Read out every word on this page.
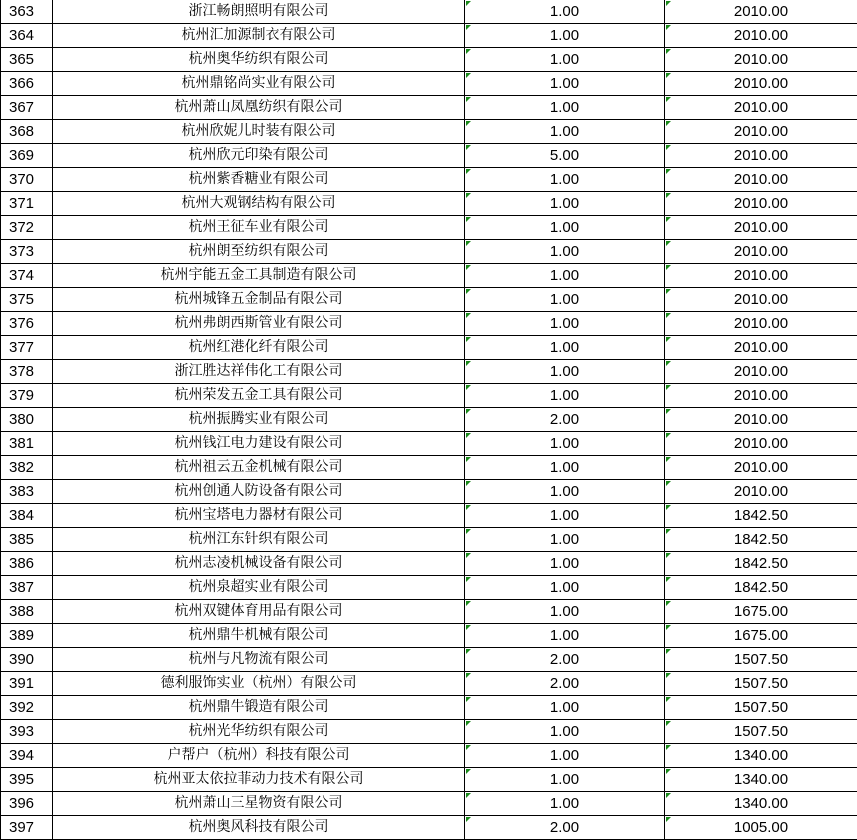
363	浙江畅朗照明有限公司	1.00	2010.00
364	杭州汇加源制衣有限公司	1.00	2010.00
365	杭州奥华纺织有限公司	1.00	2010.00
366	杭州鼎铭尚实业有限公司	1.00	2010.00
367	杭州萧山凤凰纺织有限公司	1.00	2010.00
368	杭州欣妮儿时装有限公司	1.00	2010.00
369	杭州欣元印染有限公司	5.00	2010.00
370	杭州紫香糖业有限公司	1.00	2010.00
371	杭州大观钢结构有限公司	1.00	2010.00
372	杭州王征车业有限公司	1.00	2010.00
373	杭州朗至纺织有限公司	1.00	2010.00
374	杭州宇能五金工具制造有限公司	1.00	2010.00
375	杭州城锋五金制品有限公司	1.00	2010.00
376	杭州弗朗西斯管业有限公司	1.00	2010.00
377	杭州红港化纤有限公司	1.00	2010.00
378	浙江胜达祥伟化工有限公司	1.00	2010.00
379	杭州荣发五金工具有限公司	1.00	2010.00
380	杭州振腾实业有限公司	2.00	2010.00
381	杭州钱江电力建设有限公司	1.00	2010.00
382	杭州祖云五金机械有限公司	1.00	2010.00
383	杭州创通人防设备有限公司	1.00	2010.00
384	杭州宝塔电力器材有限公司	1.00	1842.50
385	杭州江东针织有限公司	1.00	1842.50
386	杭州志凌机械设备有限公司	1.00	1842.50
387	杭州泉超实业有限公司	1.00	1842.50
388	杭州双键体育用品有限公司	1.00	1675.00
389	杭州鼎牛机械有限公司	1.00	1675.00
390	杭州与凡物流有限公司	2.00	1507.50
391	德利服饰实业（杭州）有限公司	2.00	1507.50
392	杭州鼎牛锻造有限公司	1.00	1507.50
393	杭州光华纺织有限公司	1.00	1507.50
394	户帮户（杭州）科技有限公司	1.00	1340.00
395	杭州亚太依拉菲动力技术有限公司	1.00	1340.00
396	杭州萧山三星物资有限公司	1.00	1340.00
397	杭州奥风科技有限公司	2.00	1005.00
